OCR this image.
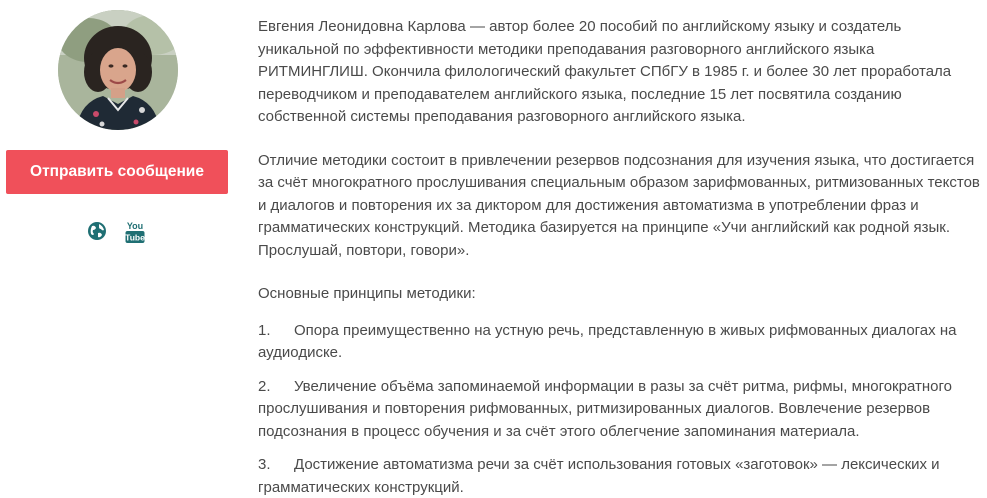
Отправить сообщение
You
Tube

Евгения Леонидовна Карлова — автор более 20 пособий по английскому языку и создатель уникальной по эффективности методики преподавания разговорного английского языка РИТМИНГЛИШ. Окончила филологический факультет СПбГУ в 1985 г. и более 30 лет проработала переводчиком и преподавателем английского языка, последние 15 лет посвятила созданию собственной системы преподавания разговорного английского языка.

Отличие методики состоит в привлечении резервов подсознания для изучения языка, что достигается за счёт многократного прослушивания специальным образом зарифмованных, ритмизованных текстов и диалогов и повторения их за диктором для достижения автоматизма в употреблении фраз и грамматических конструкций. Методика базируется на принципе «Учи английский как родной язык. Прослушай, повтори, говори».

Основные принципы методики:

1. Опора преимущественно на устную речь, представленную в живых рифмованных диалогах на аудиодиске.
2. Увеличение объёма запоминаемой информации в разы за счёт ритма, рифмы, многократного прослушивания и повторения рифмованных, ритмизированных диалогов. Вовлечение резервов подсознания в процесс обучения и за счёт этого облегчение запоминания материала.
3. Достижение автоматизма речи за счёт использования готовых «заготовок» — лексических и грамматических конструкций.
